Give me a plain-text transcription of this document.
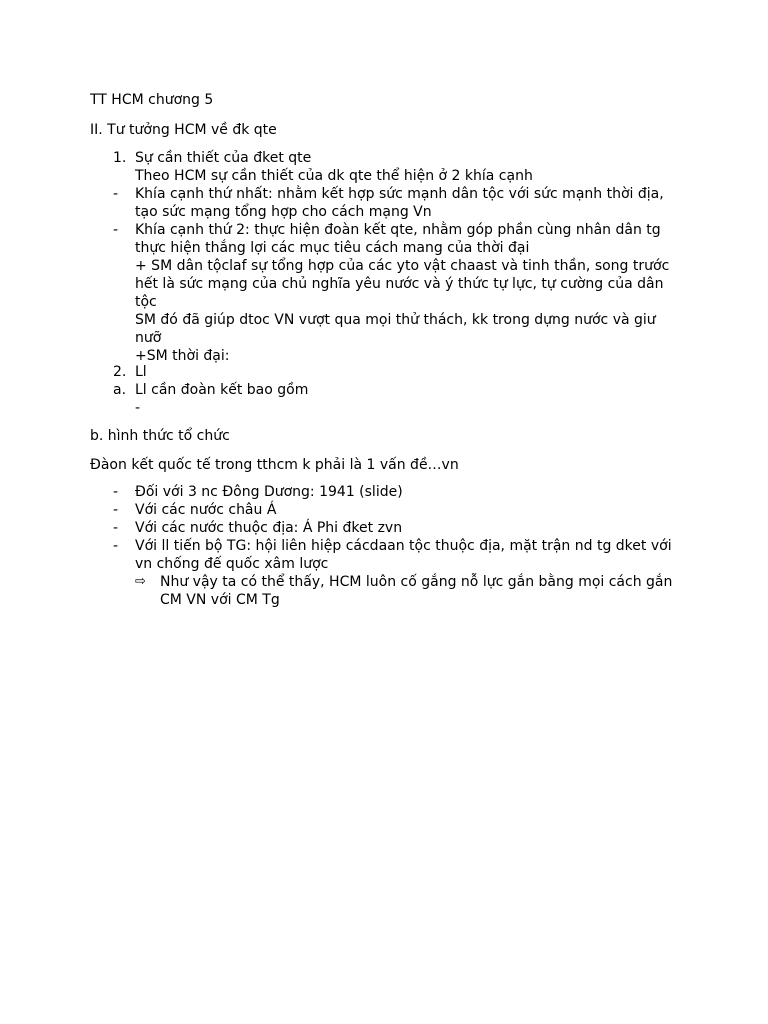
TT HCM chương 5

II. Tư tưởng HCM về đk qte

1. Sự cần thiết của đket qte
Theo HCM sự cần thiết của dk qte thể hiện ở 2 khía cạnh
-	Khía cạnh thứ nhất: nhằm kết hợp sức mạnh dân tộc với sức mạnh thời địa,
tạo sức mạng tổng hợp cho cách mạng Vn
-	Khía cạnh thứ 2: thực hiện đoàn kết qte, nhằm góp phần cùng nhân dân tg
thực hiện thắng lợi các mục tiêu cách mang của thời đại
+ SM dân tộclaf sự tổng hợp của các yto vật chaast và tinh thần, song trước
hết là sức mạng của chủ nghĩa yêu nước và ý thức tự lực, tự cường của dân
tộc
SM đó đã giúp dtoc VN vượt qua mọi thử thách, kk trong dựng nước và giư
nưỡ
+SM thời đại:
2. Ll
a. Ll cần đoàn kết bao gồm
-

b. hình thức tổ chức

Đàon kết quốc tế trong tthcm k phải là 1 vấn đề…vn

-	Đối với 3 nc Đông Dương: 1941 (slide)
-	Với các nước châu Á
-	Với các nước thuộc địa: Á Phi đket zvn
-	Với ll tiến bộ TG: hội liên hiệp cácdaan tộc thuộc địa, mặt trận nd tg dket với
vn chống đế quốc xâm lược
⇨	Như vậy ta có thể thấy, HCM luôn cố gắng nỗ lực gắn bằng mọi cách gắn
CM VN với CM Tg
